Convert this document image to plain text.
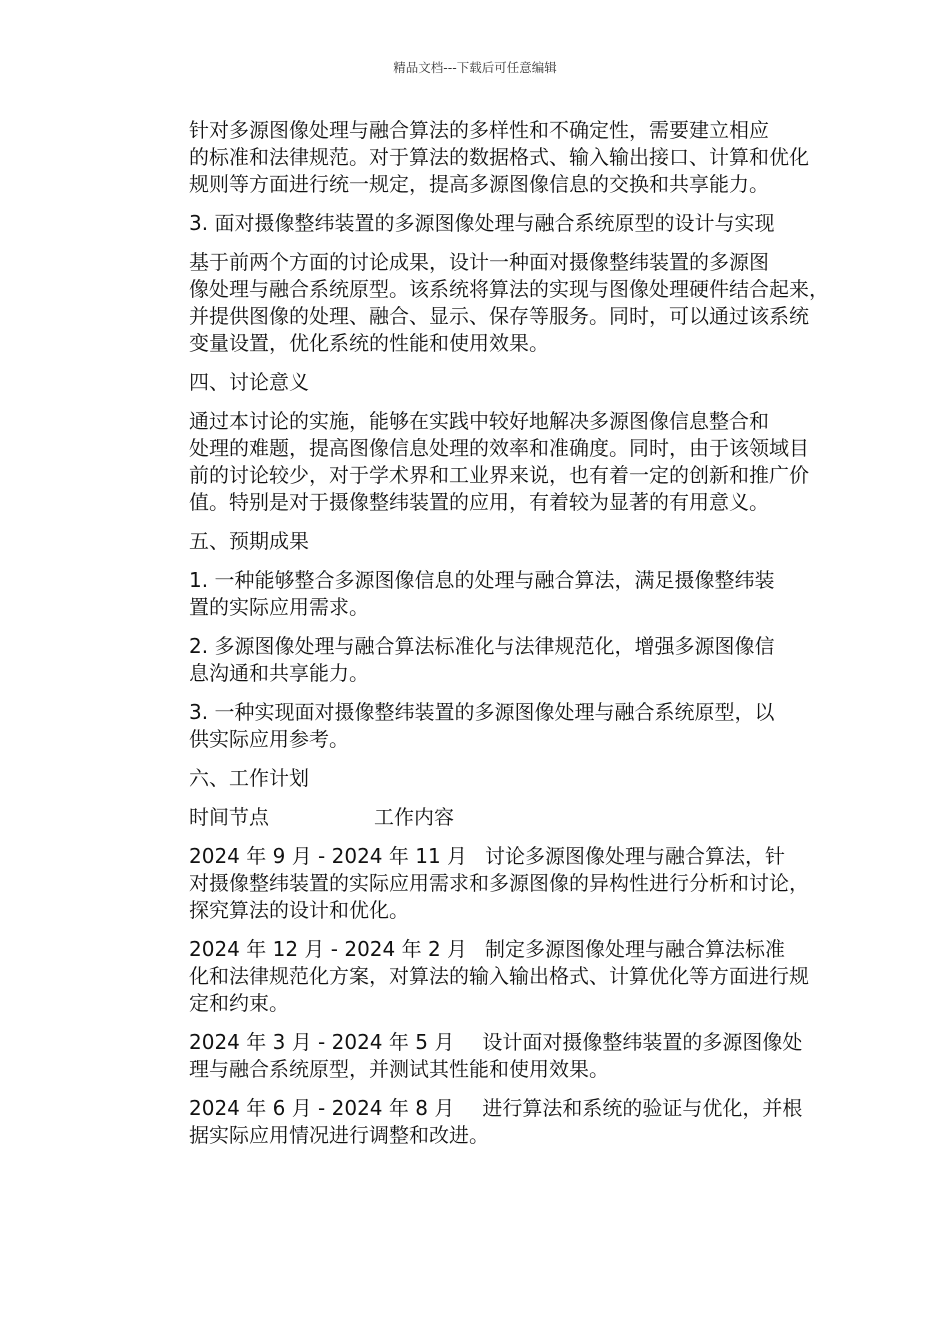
精品文档---下载后可任意编辑

针对多源图像处理与融合算法的多样性和不确定性，需要建立相应
的标准和法律规范。对于算法的数据格式、输入输出接口、计算和优化
规则等方面进行统一规定，提高多源图像信息的交换和共享能力。

3. 面对摄像整纬装置的多源图像处理与融合系统原型的设计与实现

基于前两个方面的讨论成果，设计一种面对摄像整纬装置的多源图
像处理与融合系统原型。该系统将算法的实现与图像处理硬件结合起来，
并提供图像的处理、融合、显示、保存等服务。同时，可以通过该系统
变量设置，优化系统的性能和使用效果。

四、讨论意义

通过本讨论的实施，能够在实践中较好地解决多源图像信息整合和
处理的难题，提高图像信息处理的效率和准确度。同时，由于该领域目
前的讨论较少，对于学术界和工业界来说，也有着一定的创新和推广价
值。特别是对于摄像整纬装置的应用，有着较为显著的有用意义。

五、预期成果

1. 一种能够整合多源图像信息的处理与融合算法，满足摄像整纬装
置的实际应用需求。

2. 多源图像处理与融合算法标准化与法律规范化，增强多源图像信
息沟通和共享能力。

3. 一种实现面对摄像整纬装置的多源图像处理与融合系统原型，以
供实际应用参考。

六、工作计划

时间节点	工作内容

2024 年 9 月 - 2024 年 11 月 讨论多源图像处理与融合算法，针
对摄像整纬装置的实际应用需求和多源图像的异构性进行分析和讨论，
探究算法的设计和优化。

2024 年 12 月 - 2024 年 2 月 制定多源图像处理与融合算法标准
化和法律规范化方案，对算法的输入输出格式、计算优化等方面进行规
定和约束。

2024 年 3 月 - 2024 年 5 月 设计面对摄像整纬装置的多源图像处
理与融合系统原型，并测试其性能和使用效果。

2024 年 6 月 - 2024 年 8 月 进行算法和系统的验证与优化，并根
据实际应用情况进行调整和改进。
